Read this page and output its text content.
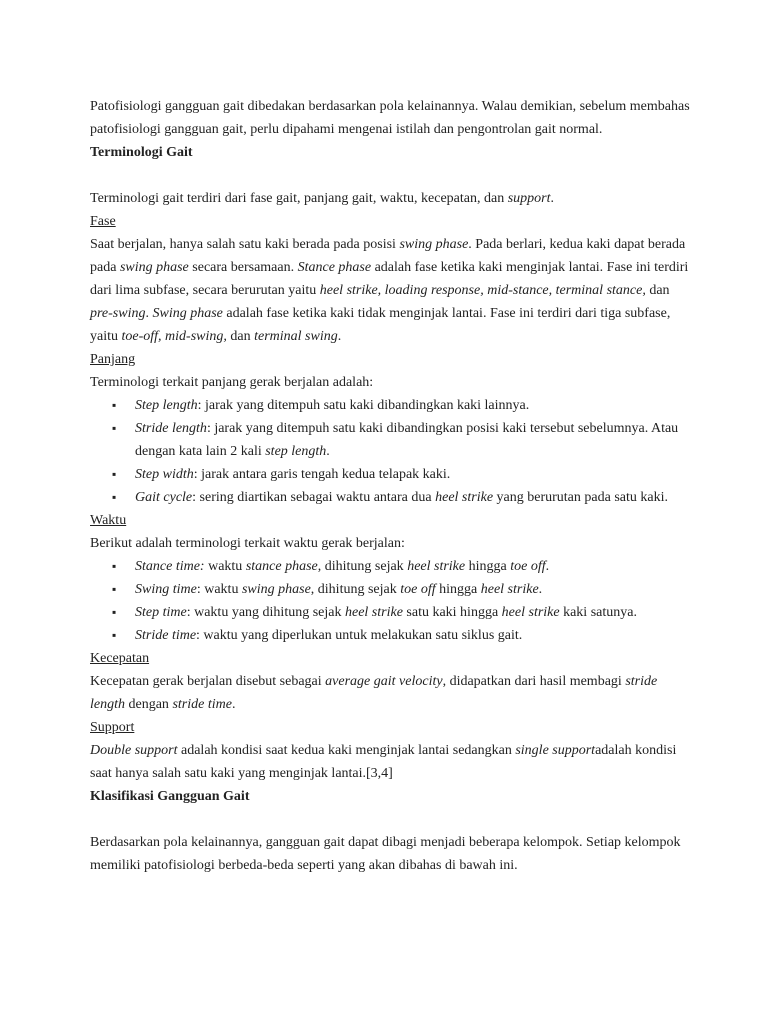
Patofisiologi gangguan gait dibedakan berdasarkan pola kelainannya. Walau demikian, sebelum membahas patofisiologi gangguan gait, perlu dipahami mengenai istilah dan pengontrolan gait normal.

Terminologi Gait

Terminologi gait terdiri dari fase gait, panjang gait, waktu, kecepatan, dan support.

Fase

Saat berjalan, hanya salah satu kaki berada pada posisi swing phase. Pada berlari, kedua kaki dapat berada pada swing phase secara bersamaan. Stance phase adalah fase ketika kaki menginjak lantai. Fase ini terdiri dari lima subfase, secara berurutan yaitu heel strike, loading response, mid-stance, terminal stance, dan pre-swing. Swing phase adalah fase ketika kaki tidak menginjak lantai. Fase ini terdiri dari tiga subfase, yaitu toe-off, mid-swing, dan terminal swing.

Panjang

Terminologi terkait panjang gerak berjalan adalah:

▪ Step length: jarak yang ditempuh satu kaki dibandingkan kaki lainnya.
▪ Stride length: jarak yang ditempuh satu kaki dibandingkan posisi kaki tersebut sebelumnya. Atau dengan kata lain 2 kali step length.
▪ Step width: jarak antara garis tengah kedua telapak kaki.
▪ Gait cycle: sering diartikan sebagai waktu antara dua heel strike yang berurutan pada satu kaki.

Waktu

Berikut adalah terminologi terkait waktu gerak berjalan:

▪ Stance time: waktu stance phase, dihitung sejak heel strike hingga toe off.
▪ Swing time: waktu swing phase, dihitung sejak toe off hingga heel strike.
▪ Step time: waktu yang dihitung sejak heel strike satu kaki hingga heel strike kaki satunya.
▪ Stride time: waktu yang diperlukan untuk melakukan satu siklus gait.

Kecepatan

Kecepatan gerak berjalan disebut sebagai average gait velocity, didapatkan dari hasil membagi stride length dengan stride time.

Support

Double support adalah kondisi saat kedua kaki menginjak lantai sedangkan single supportadalah kondisi saat hanya salah satu kaki yang menginjak lantai.[3,4]

Klasifikasi Gangguan Gait

Berdasarkan pola kelainannya, gangguan gait dapat dibagi menjadi beberapa kelompok. Setiap kelompok memiliki patofisiologi berbeda-beda seperti yang akan dibahas di bawah ini.
